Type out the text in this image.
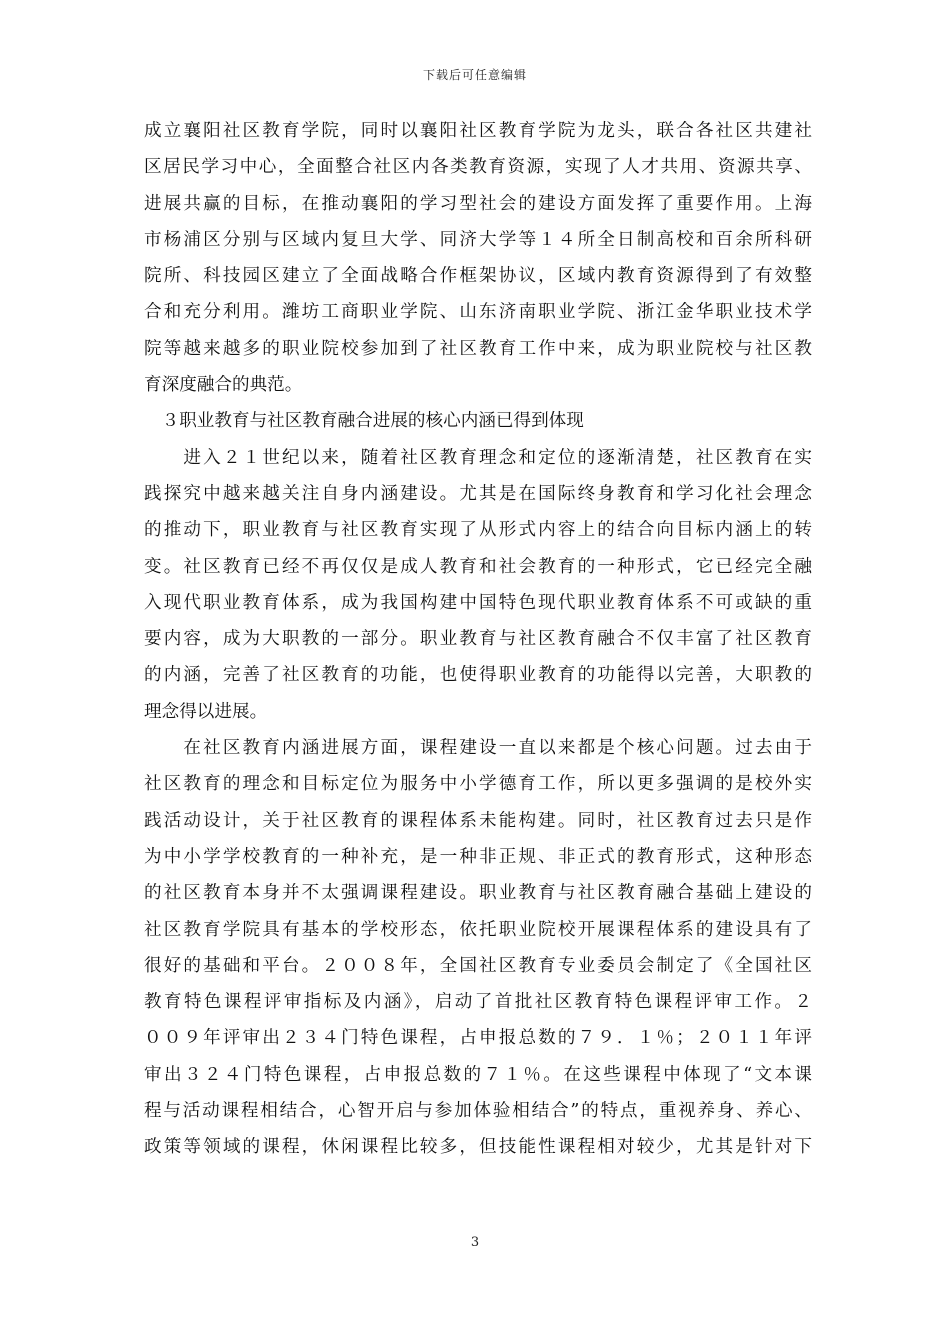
下载后可任意编辑
成立襄阳社区教育学院，同时以襄阳社区教育学院为龙头，联合各社区共建社
区居民学习中心，全面整合社区内各类教育资源，实现了人才共用、资源共享、
进展共赢的目标，在推动襄阳的学习型社会的建设方面发挥了重要作用。上海
市杨浦区分别与区域内复旦大学、同济大学等１４所全日制高校和百余所科研
院所、科技园区建立了全面战略合作框架协议，区域内教育资源得到了有效整
合和充分利用。潍坊工商职业学院、山东济南职业学院、浙江金华职业技术学
院等越来越多的职业院校参加到了社区教育工作中来，成为职业院校与社区教
育深度融合的典范。
　３职业教育与社区教育融合进展的核心内涵已得到体现
　　进入２１世纪以来，随着社区教育理念和定位的逐渐清楚，社区教育在实
践探究中越来越关注自身内涵建设。尤其是在国际终身教育和学习化社会理念
的推动下，职业教育与社区教育实现了从形式内容上的结合向目标内涵上的转
变。社区教育已经不再仅仅是成人教育和社会教育的一种形式，它已经完全融
入现代职业教育体系，成为我国构建中国特色现代职业教育体系不可或缺的重
要内容，成为大职教的一部分。职业教育与社区教育融合不仅丰富了社区教育
的内涵，完善了社区教育的功能，也使得职业教育的功能得以完善，大职教的
理念得以进展。
　　在社区教育内涵进展方面，课程建设一直以来都是个核心问题。过去由于
社区教育的理念和目标定位为服务中小学德育工作，所以更多强调的是校外实
践活动设计，关于社区教育的课程体系未能构建。同时，社区教育过去只是作
为中小学学校教育的一种补充，是一种非正规、非正式的教育形式，这种形态
的社区教育本身并不太强调课程建设。职业教育与社区教育融合基础上建设的
社区教育学院具有基本的学校形态，依托职业院校开展课程体系的建设具有了
很好的基础和平台。２００８年，全国社区教育专业委员会制定了《全国社区
教育特色课程评审指标及内涵》，启动了首批社区教育特色课程评审工作。２
００９年评审出２３４门特色课程，占申报总数的７９．１％；２０１１年评
审出３２４门特色课程，占申报总数的７１％。在这些课程中体现了“文本课
程与活动课程相结合，心智开启与参加体验相结合”的特点，重视养身、养心、
政策等领域的课程，休闲课程比较多，但技能性课程相对较少，尤其是针对下
3
